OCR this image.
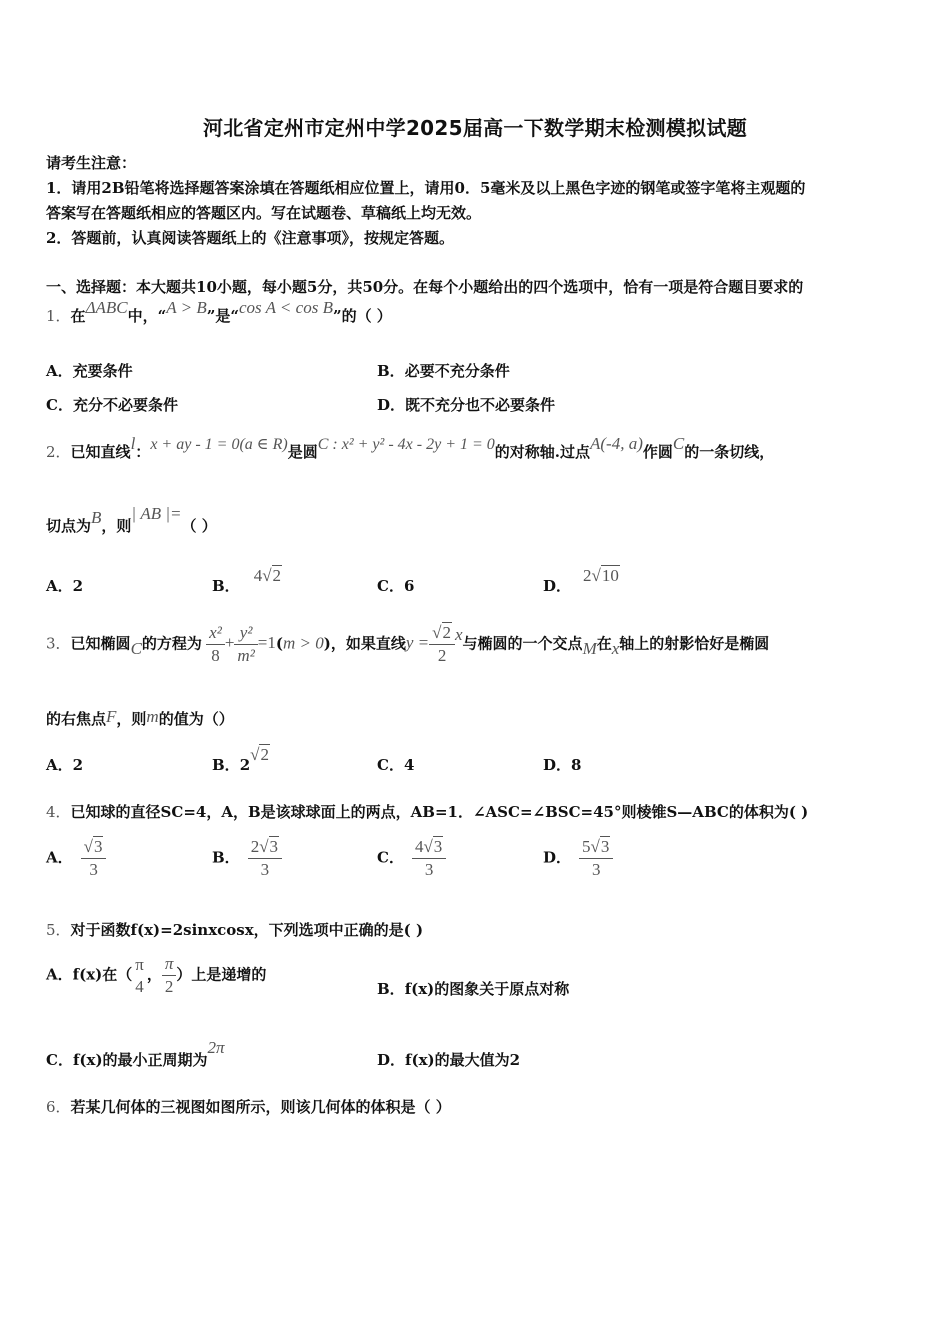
河北省定州市定州中学2025届高一下数学期末检测模拟试题
请考生注意：
1．请用2B铅笔将选择题答案涂填在答题纸相应位置上，请用0．5毫米及以上黑色字迹的钢笔或签字笔将主观题的
答案写在答题纸相应的答题区内。写在试题卷、草稿纸上均无效。
2．答题前，认真阅读答题纸上的《注意事项》，按规定答题。
一、选择题：本大题共10小题，每小题5分，共50分。在每个小题给出的四个选项中，恰有一项是符合题目要求的
1．在ΔABC中，“A > B”是“cos A < cos B”的（ ）
A．充要条件	B．必要不充分条件
C．充分不必要条件	D．既不充分也不必要条件
2．已知直线l：x + ay - 1 = 0(a ∈ R)是圆C : x² + y² - 4x - 2y + 1 = 0的对称轴.过点A(-4, a)作圆C的一条切线，
切点为B，则| AB |=（ ）
A．2	B．4√2
C．6	D．2√10
3．已知椭圆C的方程为 $\frac{\text{x²}}{8} + \frac{\text{y²}}{\text{m²}} =1(m > 0)$，如果直线$y = \frac{√2}{2}$ x与椭圆的一个交点M在x轴上的射影恰好是椭圆
的右焦点F，则m的值为（）
A．2	B．2√2
C．4	D．8
4．已知球的直径SC=4，A，B是该球球面上的两点，AB=1．∠ASC=∠BSC=45°则棱锥S—ABC的体积为( )
A． $\frac{√3}{3}$	B． $\frac{2√3}{3}$	C． $\frac{4√3}{3}$	D． $\frac{5√3}{3}$
5．对于函数f(x)=2sinxcosx，下列选项中正确的是( )
A．f(x)在（
π
4
， $\frac{\pi}{2}$ ）上是递增的
B．f(x)的图象关于原点对称
C．f(x)的最小正周期为2π
D．f(x)的最大值为2
6．若某几何体的三视图如图所示，则该几何体的体积是（ ）
